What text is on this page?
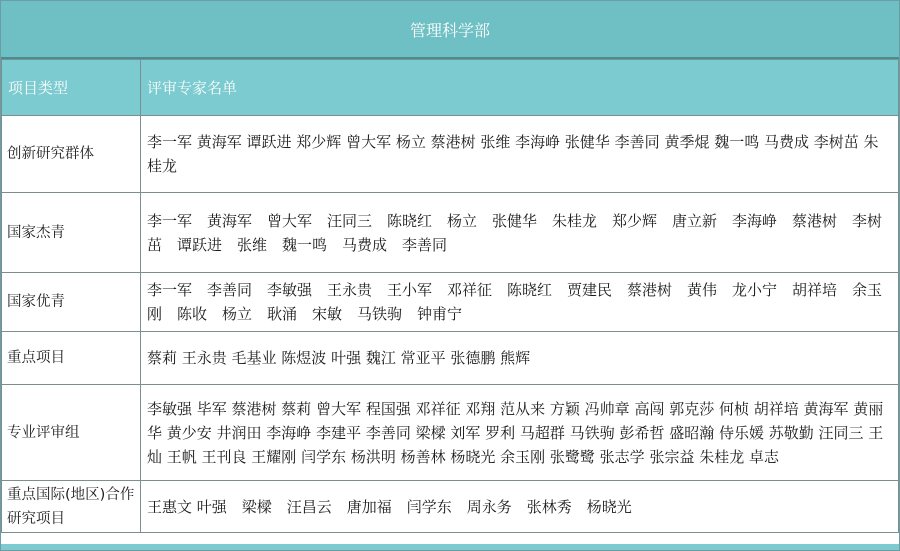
管理科学部
项目类型	评审专家名单
创新研究群体	李一军 黄海军 谭跃进 郑少辉 曾大军 杨立 蔡港树 张维 李海峥 张健华 李善同 黄季焜 魏一鸣 马费成 李树茁 朱桂龙
国家杰青	李一军　黄海军　曾大军　汪同三　陈晓红　杨立　张健华　朱桂龙　郑少辉　唐立新　李海峥　蔡港树　李树茁　谭跃进　张维　魏一鸣　马费成　李善同
国家优青	李一军　李善同　李敏强　王永贵　王小军　邓祥征　陈晓红　贾建民　蔡港树　黄伟　龙小宁　胡祥培　余玉刚　陈收　杨立　耿涌　宋敏　马铁驹　钟甫宁
重点项目	蔡莉 王永贵 毛基业 陈煜波 叶强 魏江 常亚平 张德鹏 熊辉
专业评审组	李敏强 毕军 蔡港树 蔡莉 曾大军 程国强 邓祥征 邓翔 范从来 方颖 冯帅章 高闯 郭克莎 何桢 胡祥培 黄海军 黄丽华 黄少安 井润田 李海峥 李建平 李善同 梁樑 刘军 罗利 马超群 马铁驹 彭希哲 盛昭瀚 侍乐媛 苏敬勤 汪同三 王灿 王帆 王刊良 王耀刚 闫学东 杨洪明 杨善林 杨晓光 余玉刚 张鹭鹭 张志学 张宗益 朱桂龙 卓志
重点国际(地区)合作研究项目	王惠文 叶强　梁樑　汪昌云　唐加福　闫学东　周永务　张林秀　杨晓光
